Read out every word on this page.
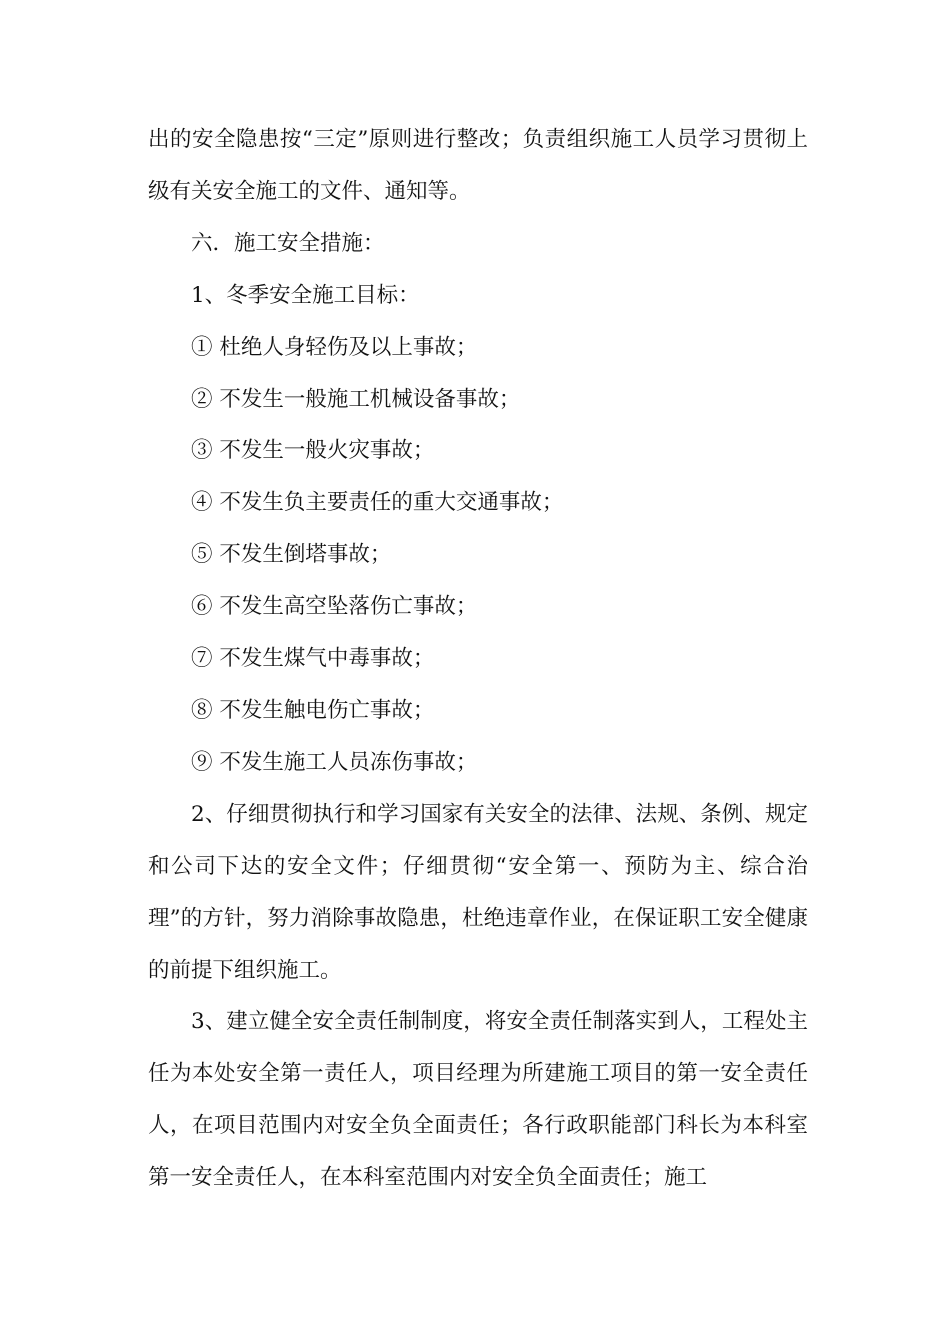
出的安全隐患按“三定”原则进行整改；负责组织施工人员学习贯彻上级有关安全施工的文件、通知等。

六．施工安全措施：

1、冬季安全施工目标：

① 杜绝人身轻伤及以上事故；

② 不发生一般施工机械设备事故；

③ 不发生一般火灾事故；

④ 不发生负主要责任的重大交通事故；

⑤ 不发生倒塔事故；

⑥ 不发生高空坠落伤亡事故；

⑦ 不发生煤气中毒事故；

⑧ 不发生触电伤亡事故；

⑨ 不发生施工人员冻伤事故；

2、仔细贯彻执行和学习国家有关安全的法律、法规、条例、规定和公司下达的安全文件；仔细贯彻“安全第一、预防为主、综合治理”的方针，努力消除事故隐患，杜绝违章作业，在保证职工安全健康的前提下组织施工。

3、建立健全安全责任制制度，将安全责任制落实到人，工程处主任为本处安全第一责任人，项目经理为所建施工项目的第一安全责任人，在项目范围内对安全负全面责任；各行政职能部门科长为本科室第一安全责任人，在本科室范围内对安全负全面责任；施工
